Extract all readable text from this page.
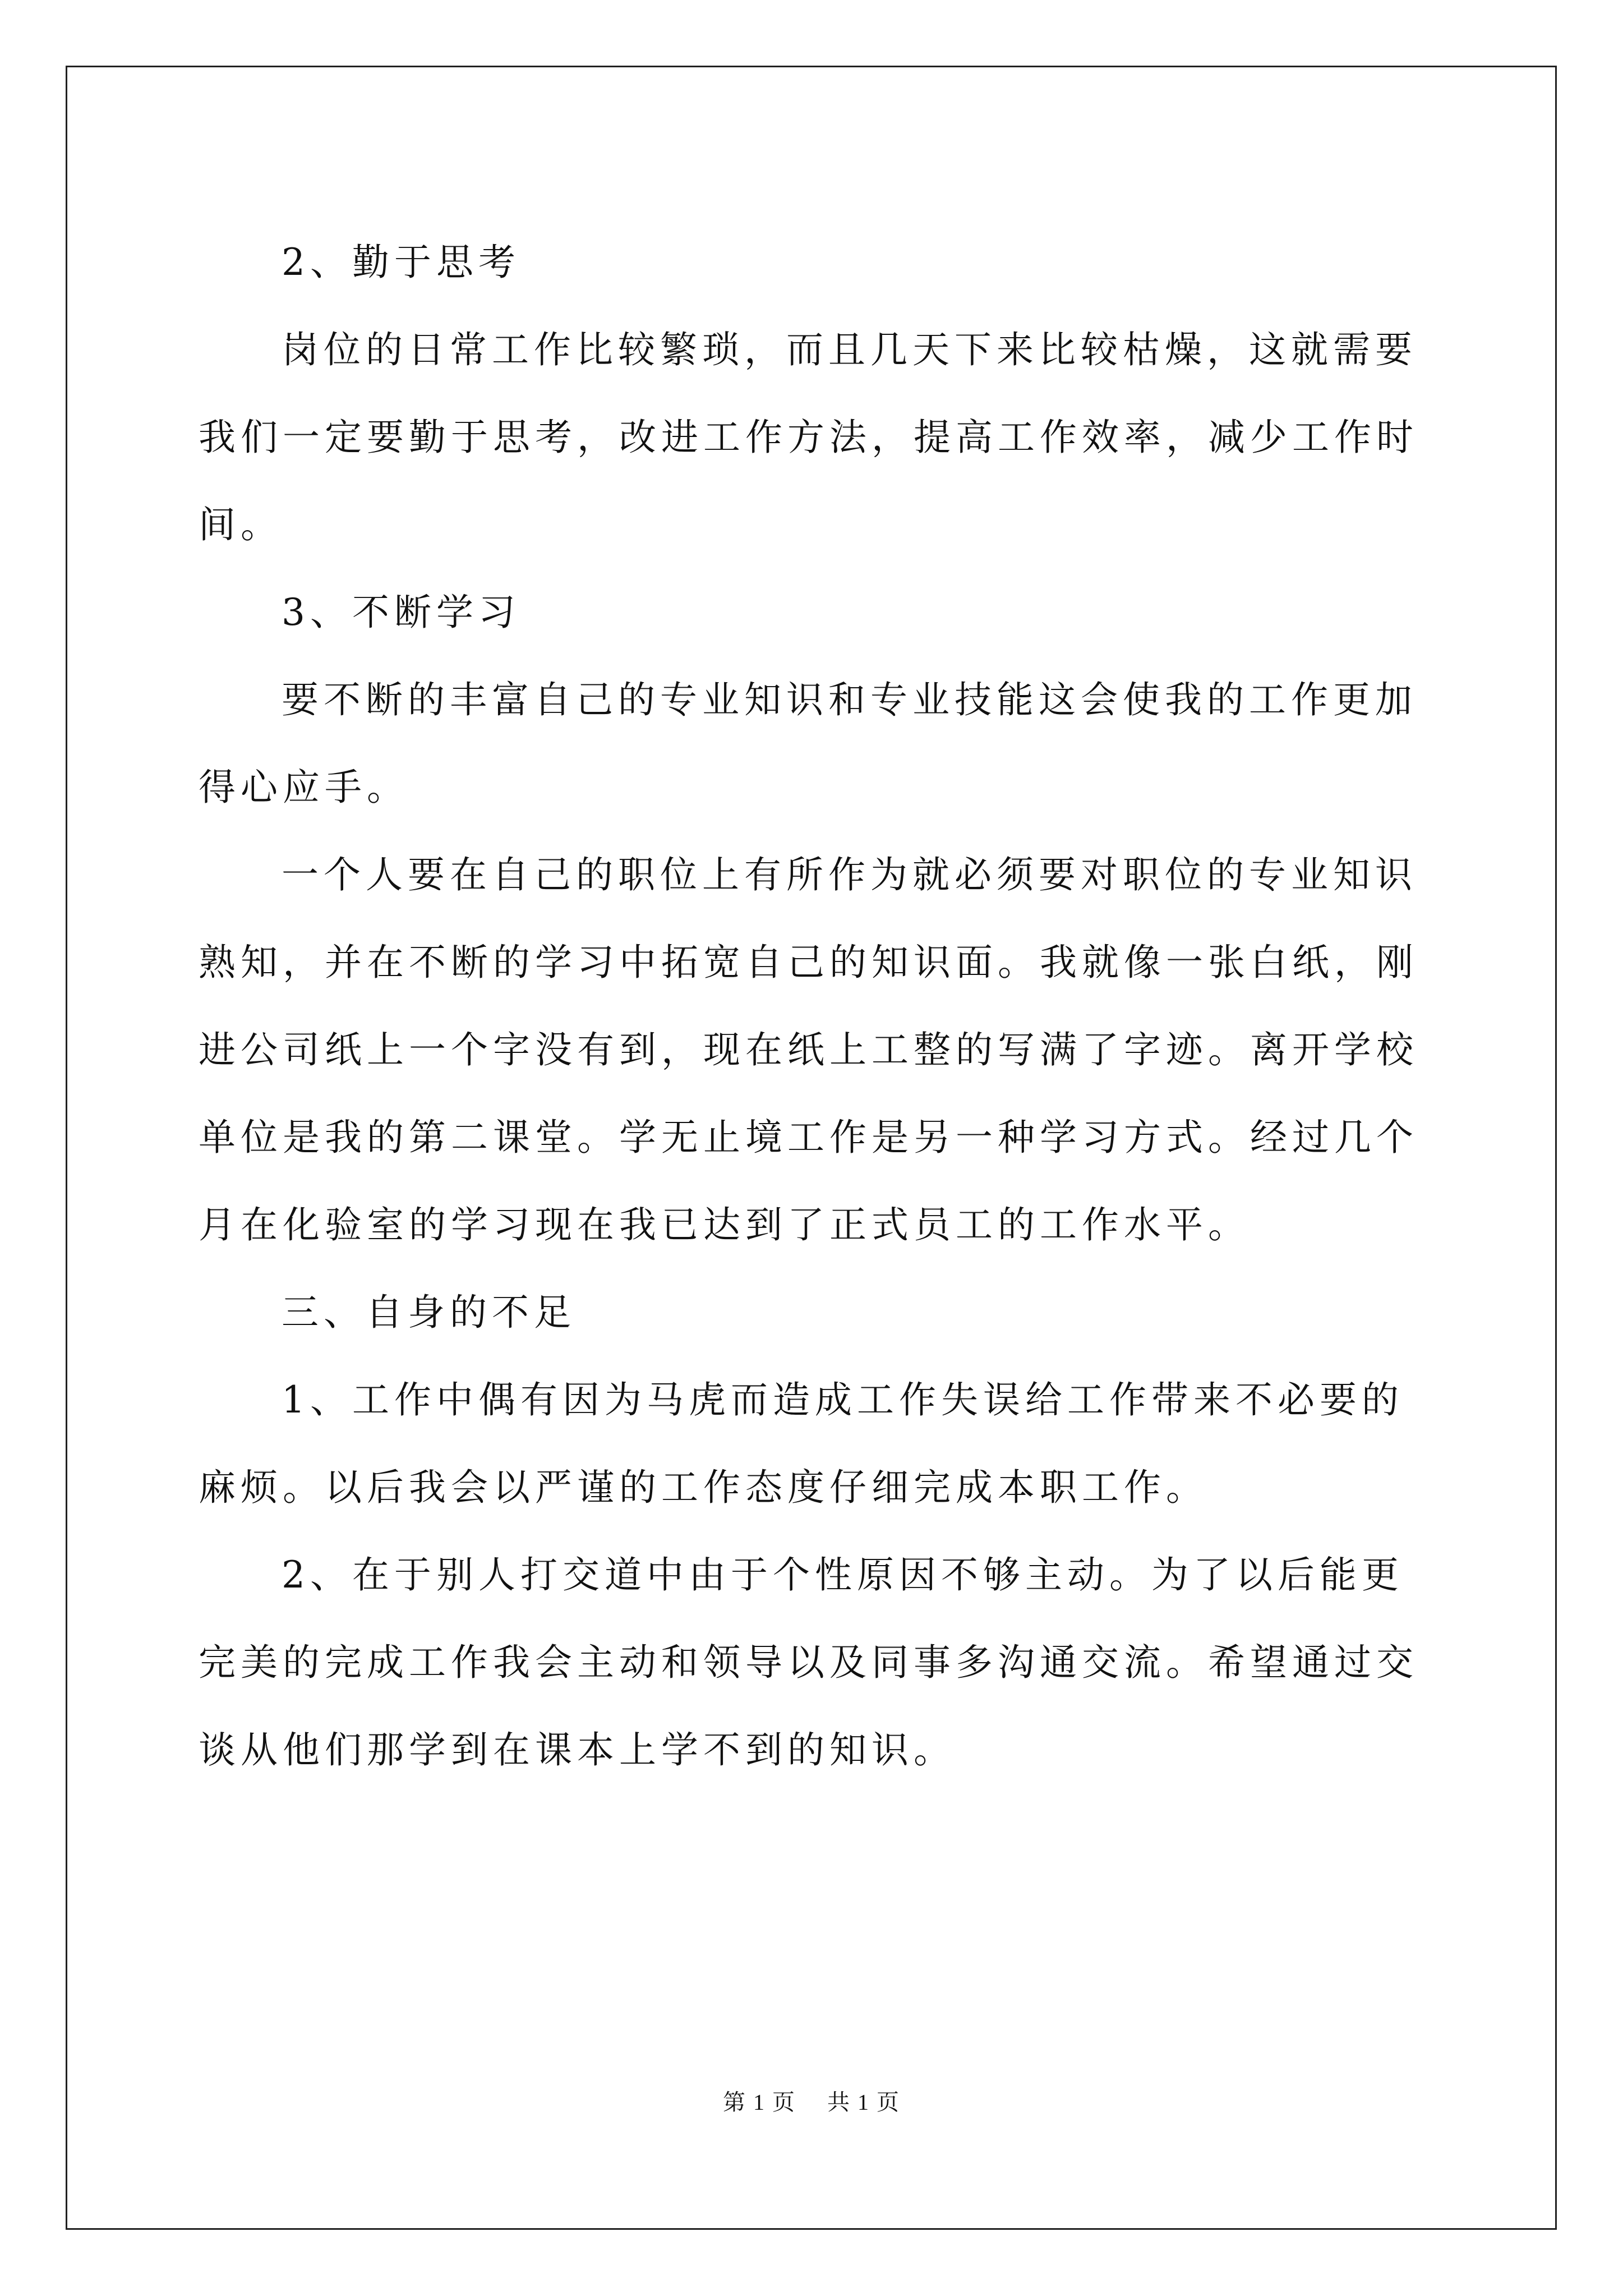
2、勤于思考

岗位的日常工作比较繁琐，而且几天下来比较枯燥，这就需要我们一定要勤于思考，改进工作方法，提高工作效率，减少工作时间。

3、不断学习

要不断的丰富自己的专业知识和专业技能这会使我的工作更加得心应手。

一个人要在自己的职位上有所作为就必须要对职位的专业知识熟知，并在不断的学习中拓宽自己的知识面。我就像一张白纸，刚进公司纸上一个字没有到，现在纸上工整的写满了字迹。离开学校单位是我的第二课堂。学无止境工作是另一种学习方式。经过几个月在化验室的学习现在我已达到了正式员工的工作水平。

三、自身的不足

1、工作中偶有因为马虎而造成工作失误给工作带来不必要的麻烦。以后我会以严谨的工作态度仔细完成本职工作。

2、在于别人打交道中由于个性原因不够主动。为了以后能更完美的完成工作我会主动和领导以及同事多沟通交流。希望通过交谈从他们那学到在课本上学不到的知识。

第 1 页 共 1 页
